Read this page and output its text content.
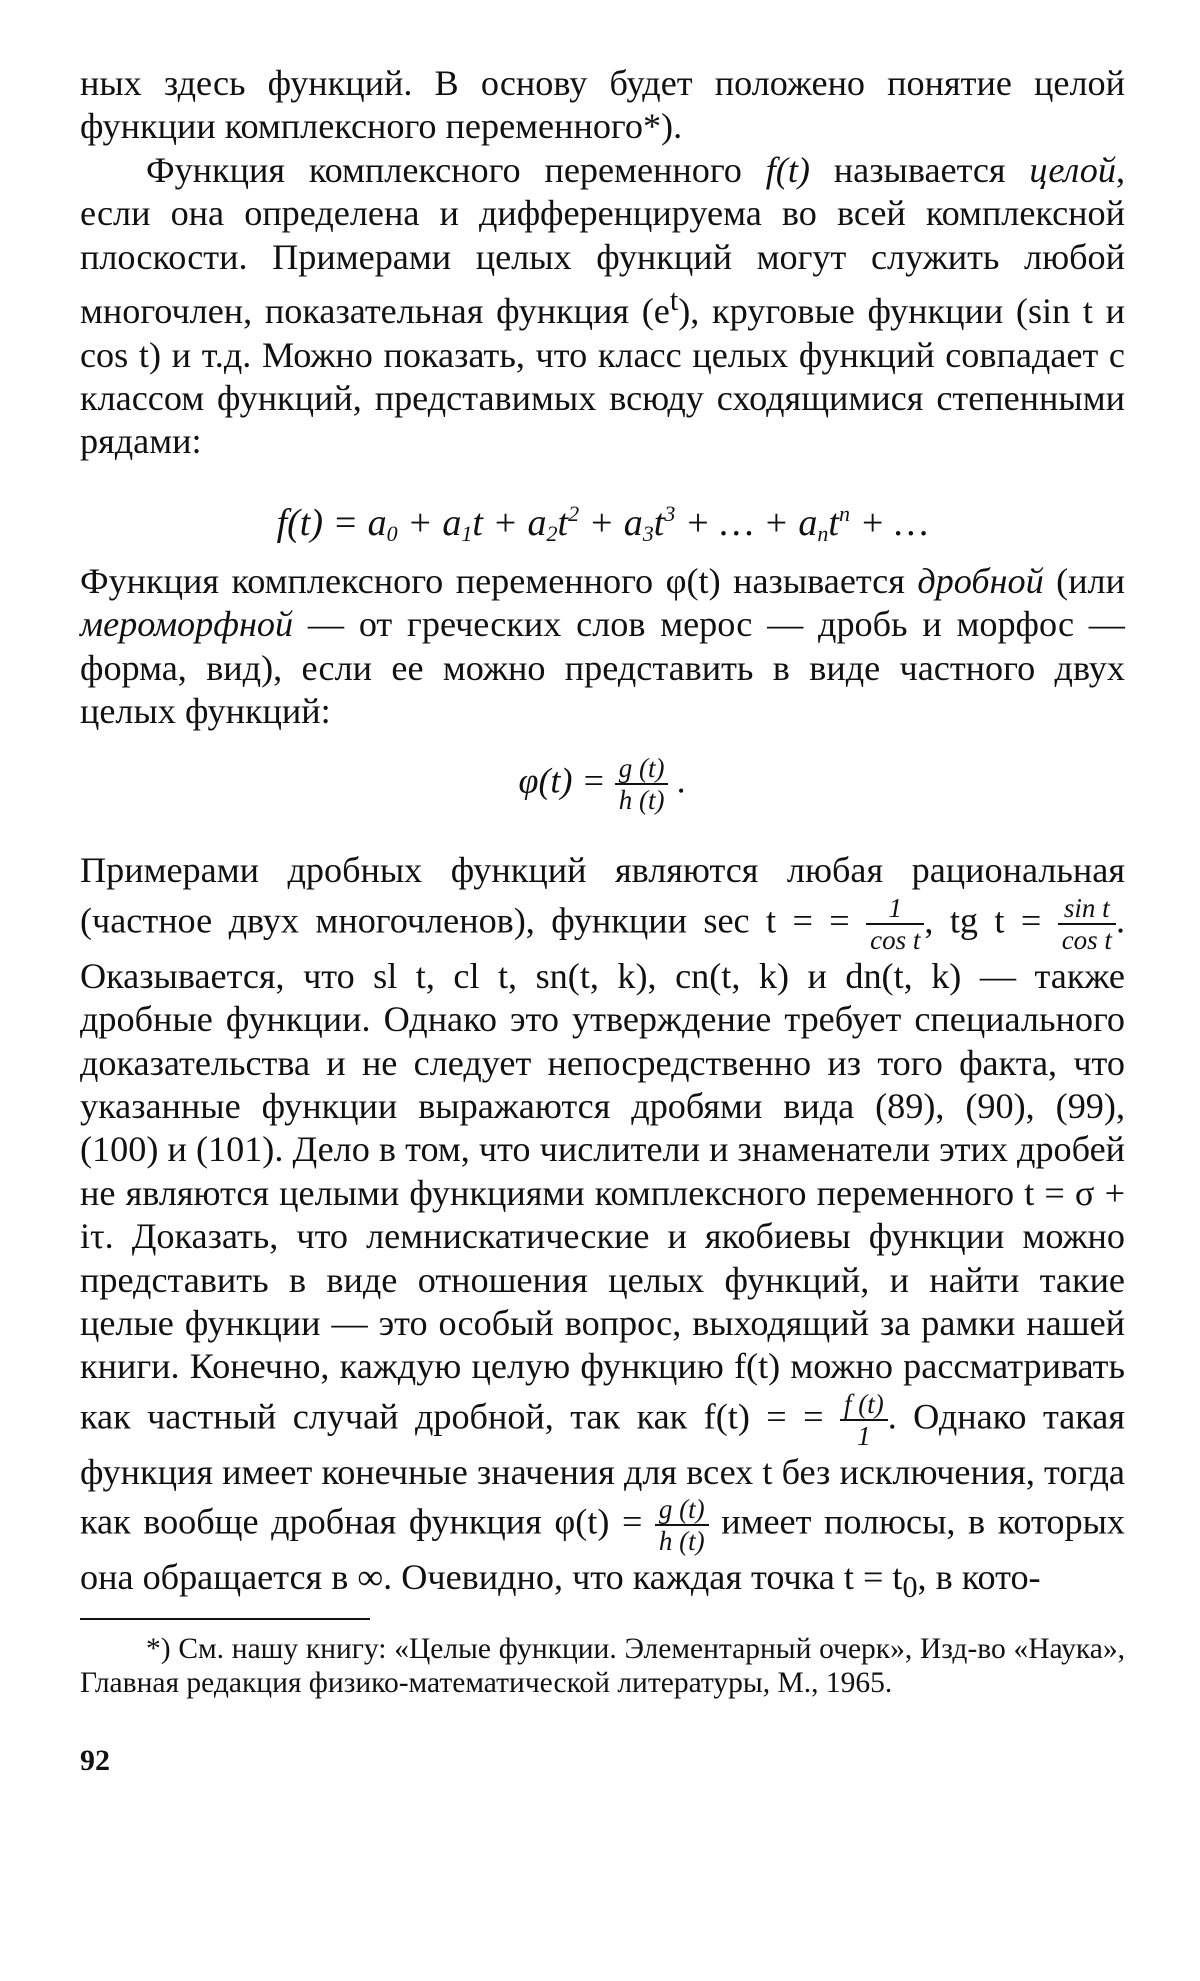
ных здесь функций. В основу будет положено понятие целой функции комплексного переменного*).

Функция комплексного переменного f(t) называется целой, если она определена и дифференцируема во всей комплексной плоскости. Примерами целых функций могут служить любой многочлен, показательная функция $(e^t)$, круговые функции (sin t и cos t) и т.д. Можно показать, что класс целых функций совпадает с классом функций, представимых всюду сходящимися степенными рядами:

$f(t) = a_0 + a_1t + a_2t^2 + a_3t^3$ + … + $a_nt^n$ + …

Функция комплексного переменного φ(t) называется дробной (или мероморфной — от греческих слов мерос — дробь и морфос — форма, вид), если ее можно представить в виде частного двух целых функций:

$\varphi(t) = \frac{g (t)}{h (t)}$ .

Примерами дробных функций являются любая рациональная (частное двух многочленов), функции sec t = = $\frac{1}{\text{cos t}}$ , tg $t = \frac{\text{sin t}}{\text{cos t}}$ . Оказывается, что sl t, cl t, sn(t, k), cn(t, k) и dn(t, k) — также дробные функции. Однако это утверждение требует специального доказательства и не следует непосредственно из того факта, что указанные функции выражаются дробями вида (89), (90), (99), (100) и (101). Дело в том, что числители и знаменатели этих дробей не являются целыми функциями комплексного переменного t = σ + iτ. Доказать, что лемнискатические и якобиевы функции можно представить в виде отношения целых функций, и найти такие целые функции — это особый вопрос, выходящий за рамки нашей книги. Конечно, каждую целую функцию f(t) можно рассматривать как частный случай дробной, так как f(t) = = $\frac{f (t)}{1}$ . Однако такая функция имеет конечные значения для всех t без исключения, тогда как вообще дробная функция $\varphi(t) = \frac{g (t)}{h (t)}$ имеет полюсы, в которых она обращается в ∞. Очевидно, что каждая точка $t = t_0$, в кото-

*) См. нашу книгу: «Целые функции. Элементарный очерк», Изд-во «Наука», Главная редакция физико-математической литературы, М., 1965.

92
